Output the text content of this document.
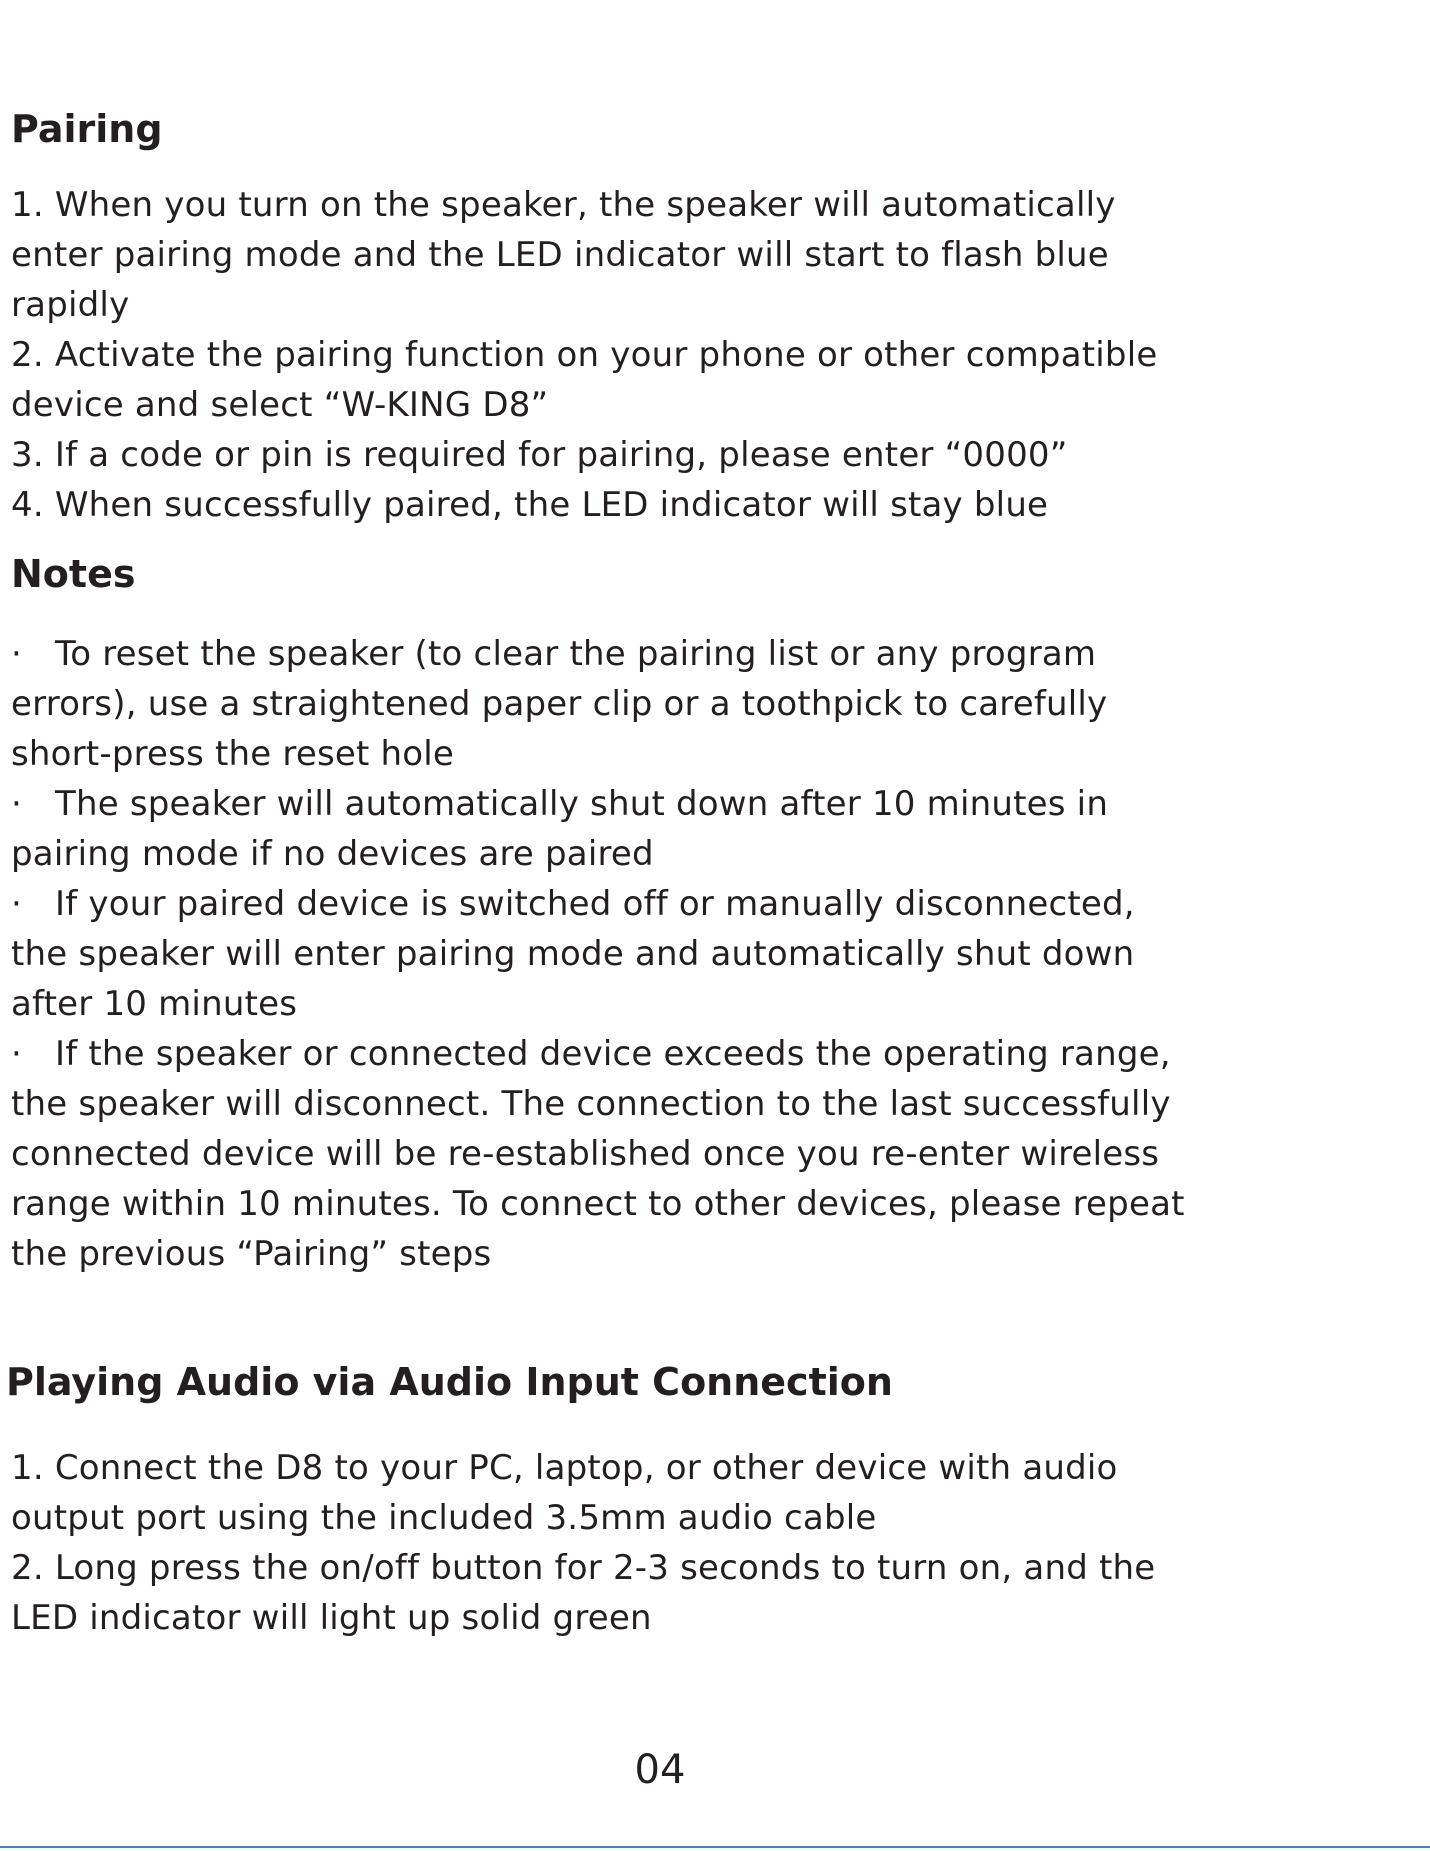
Pairing

1. When you turn on the speaker, the speaker will automatically

enter pairing mode and the LED indicator will start to flash blue

rapidly

2. Activate the pairing function on your phone or other compatible

device and select “W-KING D8”

3. If a code or pin is required for pairing, please enter “0000”

4. When successfully paired, the LED indicator will stay blue

Notes

· To reset the speaker (to clear the pairing list or any program

errors), use a straightened paper clip or a toothpick to carefully

short-press the reset hole

· The speaker will automatically shut down after 10 minutes in

pairing mode if no devices are paired

· If your paired device is switched off or manually disconnected,

the speaker will enter pairing mode and automatically shut down

after 10 minutes

· If the speaker or connected device exceeds the operating range,

the speaker will disconnect. The connection to the last successfully

connected device will be re-established once you re-enter wireless

range within 10 minutes. To connect to other devices, please repeat

the previous “Pairing” steps

Playing Audio via Audio Input Connection

1. Connect the D8 to your PC, laptop, or other device with audio

output port using the included 3.5mm audio cable

2. Long press the on/off button for 2-3 seconds to turn on, and the

LED indicator will light up solid green

04
